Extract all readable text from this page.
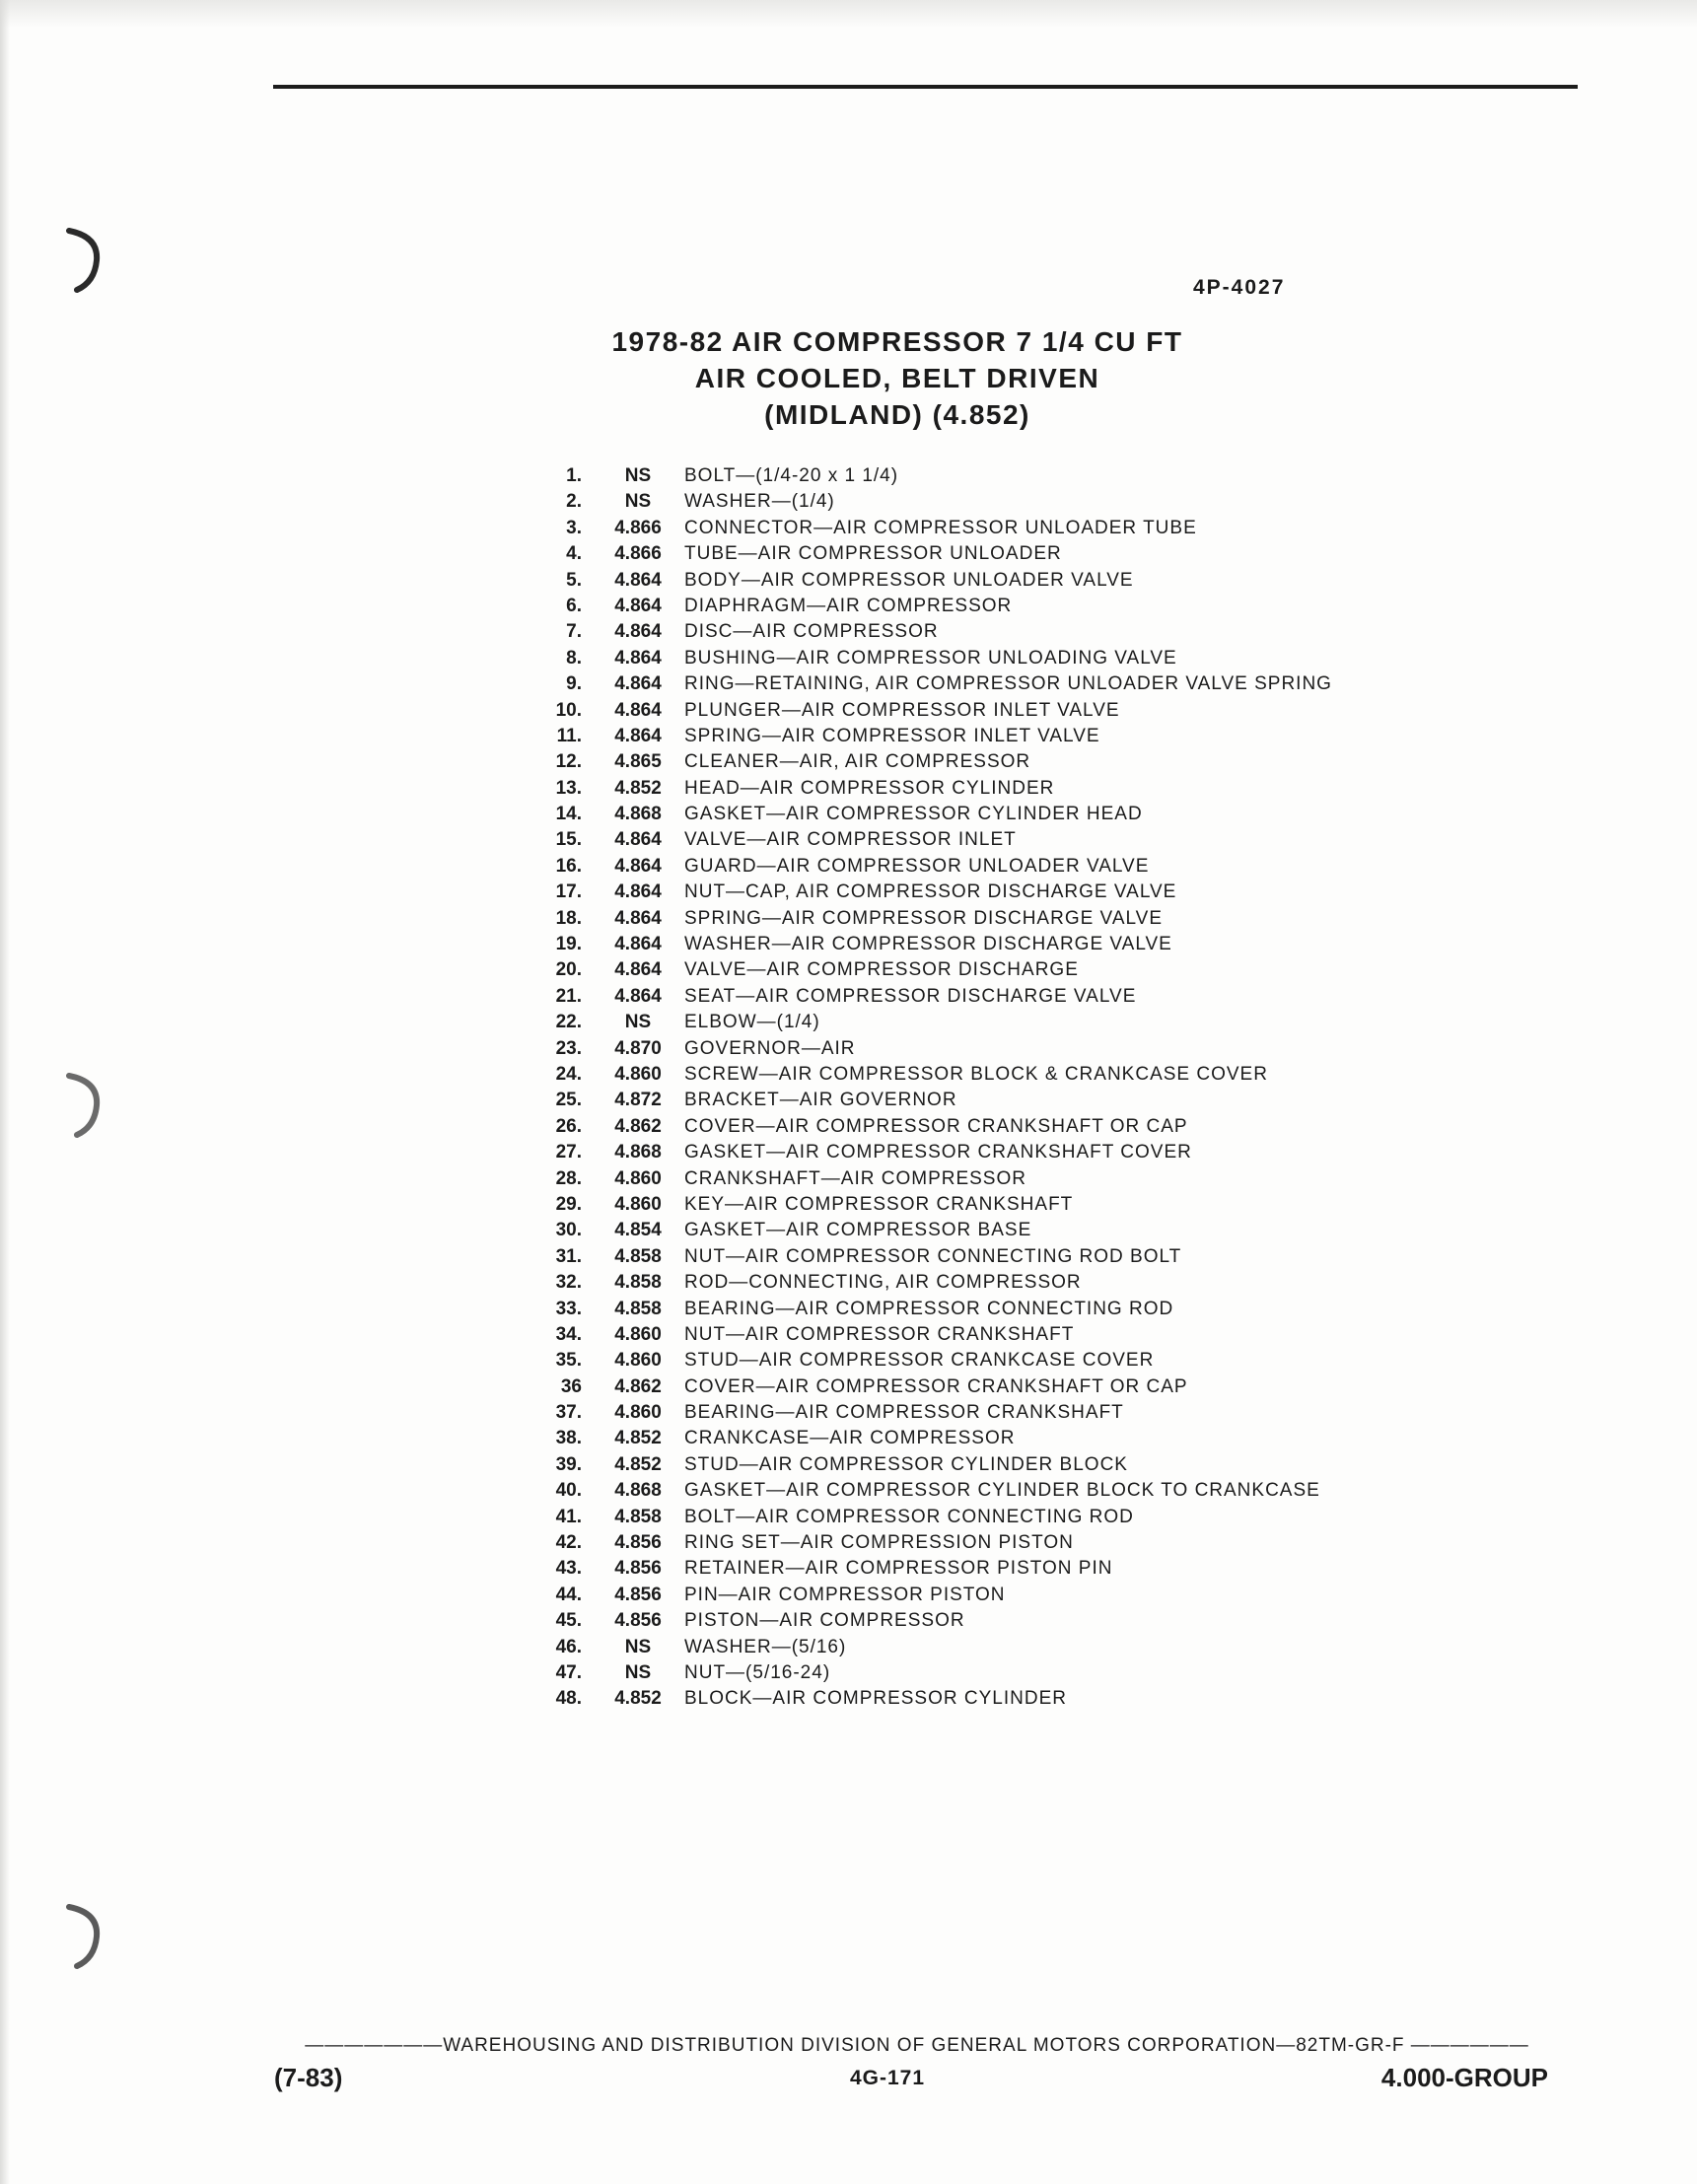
4P-4027
1978-82 AIR COMPRESSOR 7 1/4 CU FT
AIR COOLED, BELT DRIVEN
(MIDLAND) (4.852)
1.	NS	BOLT—(1/4-20 x 1 1/4)
2.	NS	WASHER—(1/4)
3.	4.866	CONNECTOR—AIR COMPRESSOR UNLOADER TUBE
4.	4.866	TUBE—AIR COMPRESSOR UNLOADER
5.	4.864	BODY—AIR COMPRESSOR UNLOADER VALVE
6.	4.864	DIAPHRAGM—AIR COMPRESSOR
7.	4.864	DISC—AIR COMPRESSOR
8.	4.864	BUSHING—AIR COMPRESSOR UNLOADING VALVE
9.	4.864	RING—RETAINING, AIR COMPRESSOR UNLOADER VALVE SPRING
10.	4.864	PLUNGER—AIR COMPRESSOR INLET VALVE
11.	4.864	SPRING—AIR COMPRESSOR INLET VALVE
12.	4.865	CLEANER—AIR, AIR COMPRESSOR
13.	4.852	HEAD—AIR COMPRESSOR CYLINDER
14.	4.868	GASKET—AIR COMPRESSOR CYLINDER HEAD
15.	4.864	VALVE—AIR COMPRESSOR INLET
16.	4.864	GUARD—AIR COMPRESSOR UNLOADER VALVE
17.	4.864	NUT—CAP, AIR COMPRESSOR DISCHARGE VALVE
18.	4.864	SPRING—AIR COMPRESSOR DISCHARGE VALVE
19.	4.864	WASHER—AIR COMPRESSOR DISCHARGE VALVE
20.	4.864	VALVE—AIR COMPRESSOR DISCHARGE
21.	4.864	SEAT—AIR COMPRESSOR DISCHARGE VALVE
22.	NS	ELBOW—(1/4)
23.	4.870	GOVERNOR—AIR
24.	4.860	SCREW—AIR COMPRESSOR BLOCK & CRANKCASE COVER
25.	4.872	BRACKET—AIR GOVERNOR
26.	4.862	COVER—AIR COMPRESSOR CRANKSHAFT OR CAP
27.	4.868	GASKET—AIR COMPRESSOR CRANKSHAFT COVER
28.	4.860	CRANKSHAFT—AIR COMPRESSOR
29.	4.860	KEY—AIR COMPRESSOR CRANKSHAFT
30.	4.854	GASKET—AIR COMPRESSOR BASE
31.	4.858	NUT—AIR COMPRESSOR CONNECTING ROD BOLT
32.	4.858	ROD—CONNECTING, AIR COMPRESSOR
33.	4.858	BEARING—AIR COMPRESSOR CONNECTING ROD
34.	4.860	NUT—AIR COMPRESSOR CRANKSHAFT
35.	4.860	STUD—AIR COMPRESSOR CRANKCASE COVER
36	4.862	COVER—AIR COMPRESSOR CRANKSHAFT OR CAP
37.	4.860	BEARING—AIR COMPRESSOR CRANKSHAFT
38.	4.852	CRANKCASE—AIR COMPRESSOR
39.	4.852	STUD—AIR COMPRESSOR CYLINDER BLOCK
40.	4.868	GASKET—AIR COMPRESSOR CYLINDER BLOCK TO CRANKCASE
41.	4.858	BOLT—AIR COMPRESSOR CONNECTING ROD
42.	4.856	RING SET—AIR COMPRESSION PISTON
43.	4.856	RETAINER—AIR COMPRESSOR PISTON PIN
44.	4.856	PIN—AIR COMPRESSOR PISTON
45.	4.856	PISTON—AIR COMPRESSOR
46.	NS	WASHER—(5/16)
47.	NS	NUT—(5/16-24)
48.	4.852	BLOCK—AIR COMPRESSOR CYLINDER
———————WAREHOUSING AND DISTRIBUTION DIVISION OF GENERAL MOTORS CORPORATION—82TM-GR-F ——————
(7-83)	4G-171	4.000-GROUP
